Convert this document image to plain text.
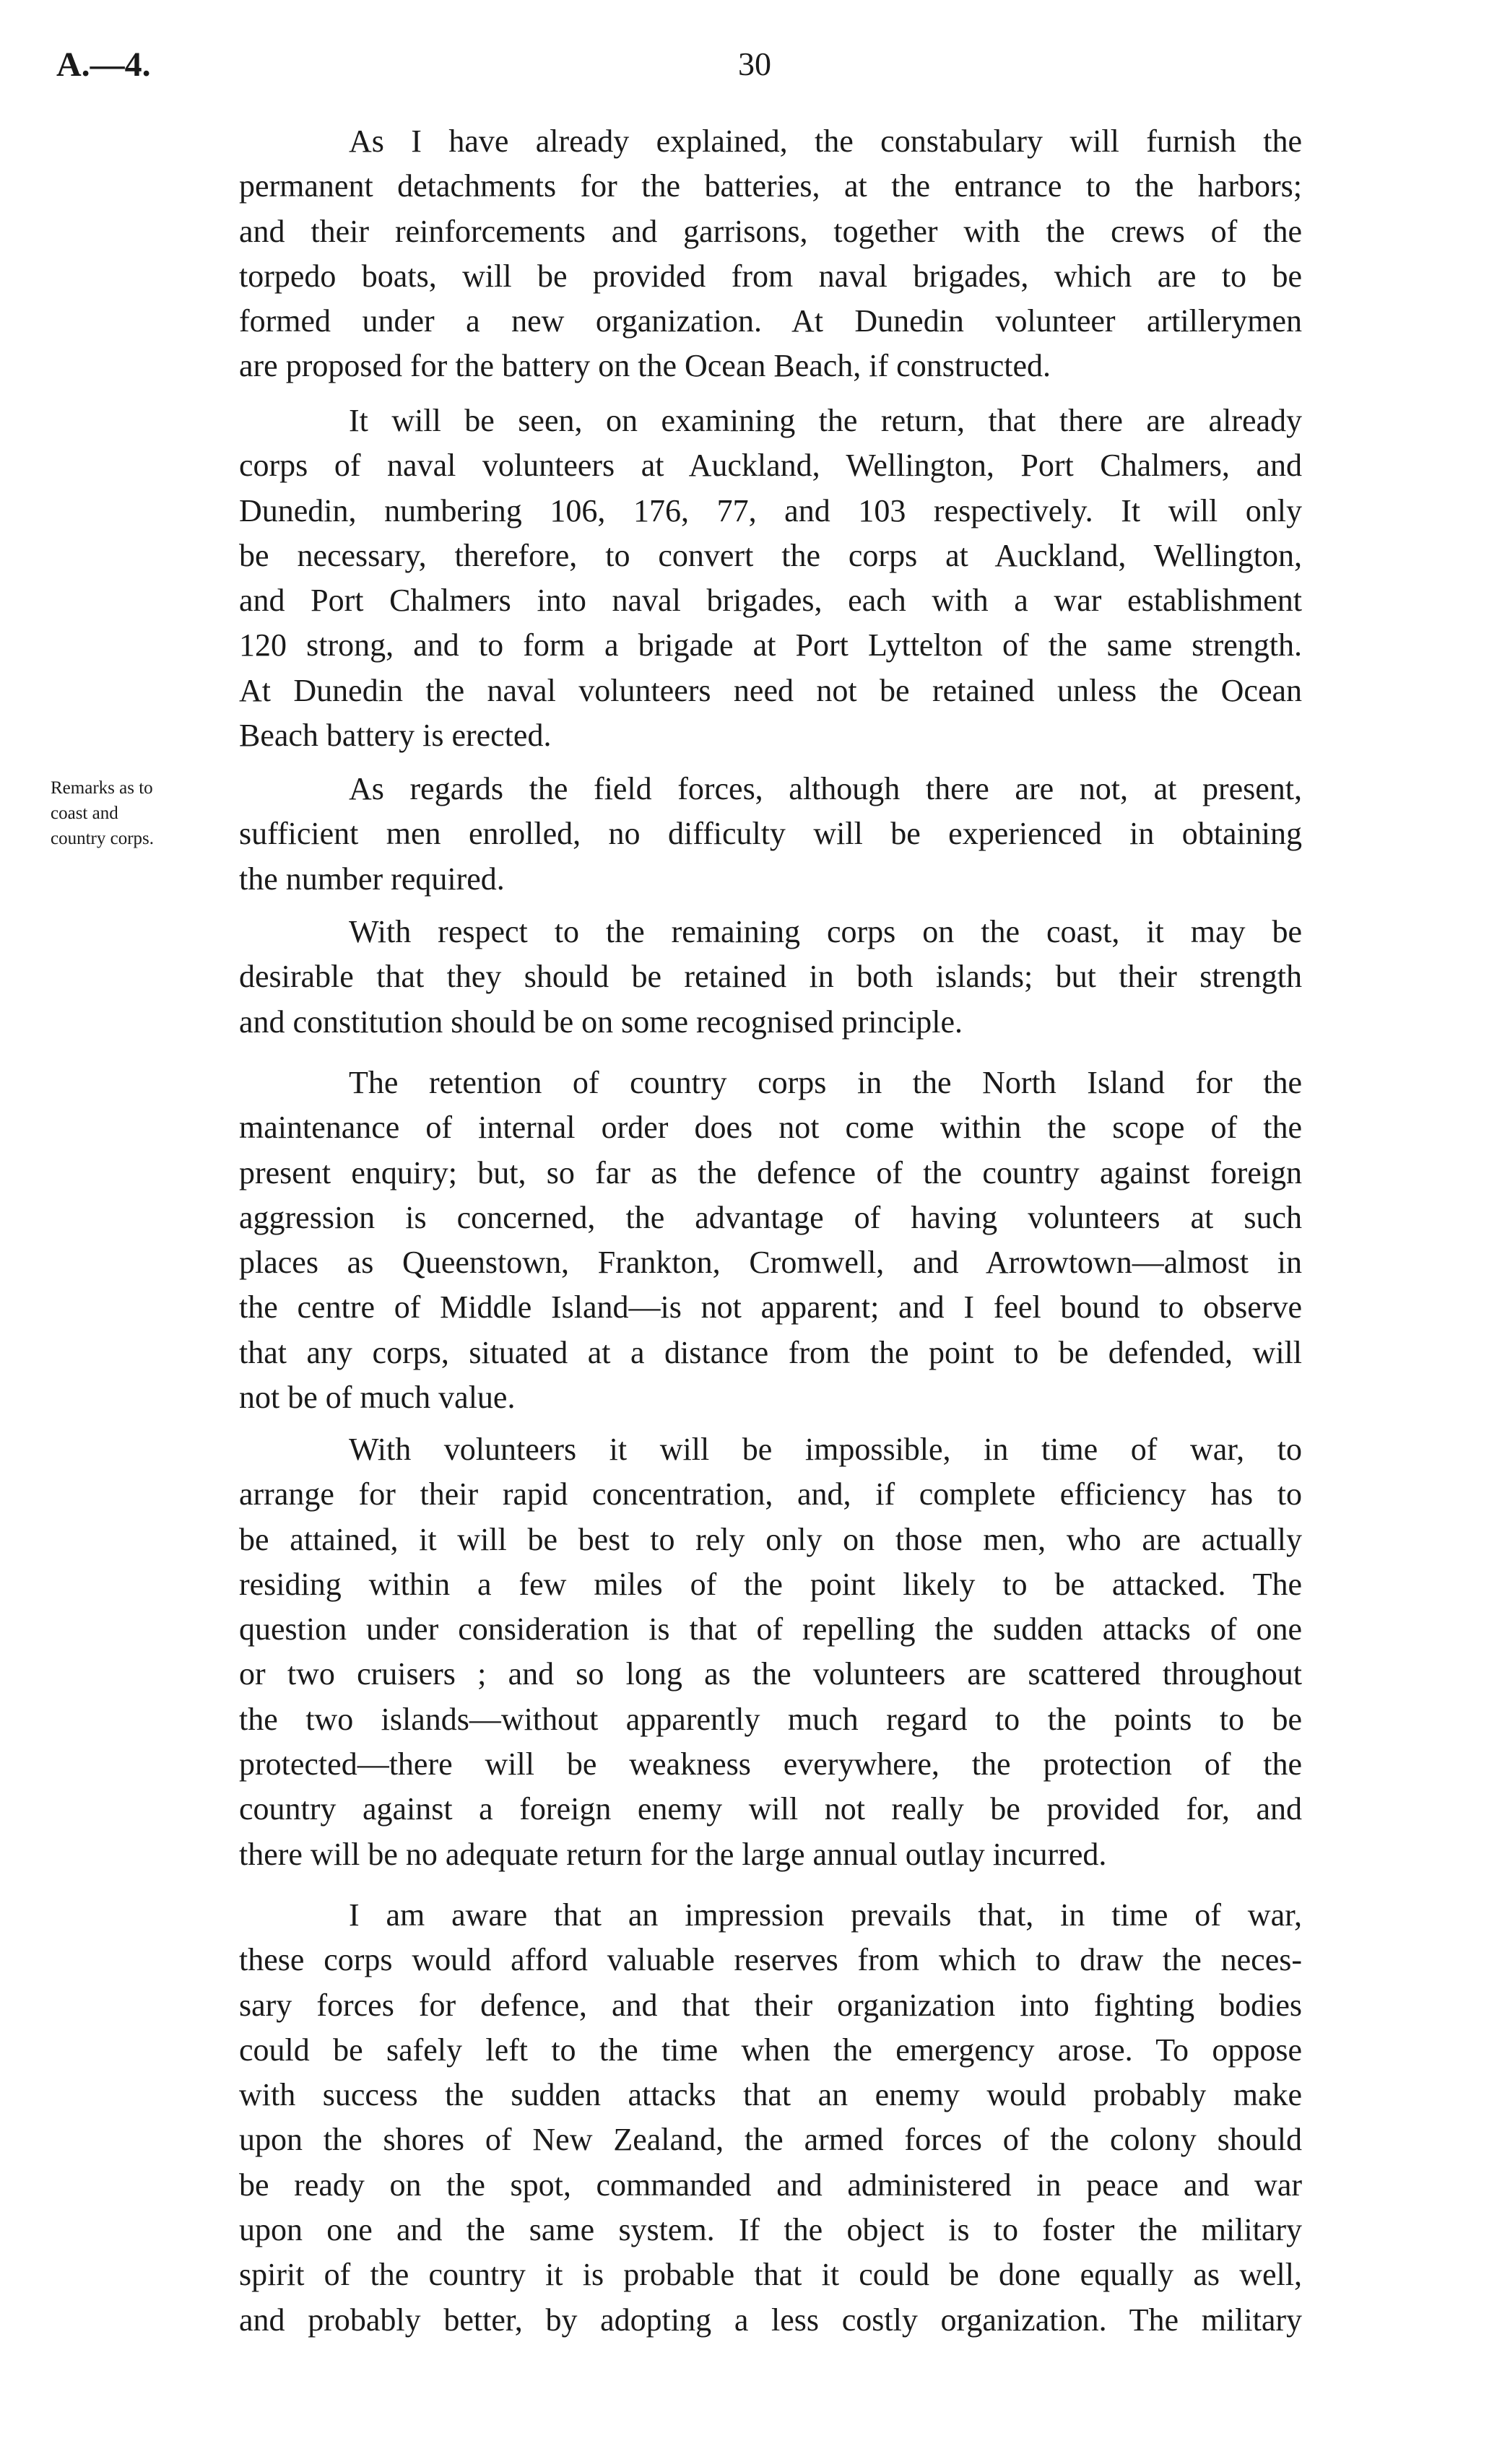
A.—4.	30
Remarks as to
coast and
country corps.
As I have already explained, the constabulary will furnish the
permanent detachments for the batteries, at the entrance to the harbors;
and their reinforcements and garrisons, together with the crews of the
torpedo boats, will be provided from naval brigades, which are to be
formed under a new organization. At Dunedin volunteer artillerymen
are proposed for the battery on the Ocean Beach, if constructed.
It will be seen, on examining the return, that there are already
corps of naval volunteers at Auckland, Wellington, Port Chalmers, and
Dunedin, numbering 106, 176, 77, and 103 respectively. It will only
be necessary, therefore, to convert the corps at Auckland, Wellington,
and Port Chalmers into naval brigades, each with a war establishment
120 strong, and to form a brigade at Port Lyttelton of the same strength.
At Dunedin the naval volunteers need not be retained unless the Ocean
Beach battery is erected.
As regards the field forces, although there are not, at present,
sufficient men enrolled, no difficulty will be experienced in obtaining
the number required.
With respect to the remaining corps on the coast, it may be
desirable that they should be retained in both islands; but their strength
and constitution should be on some recognised principle.
The retention of country corps in the North Island for the
maintenance of internal order does not come within the scope of the
present enquiry; but, so far as the defence of the country against foreign
aggression is concerned, the advantage of having volunteers at such
places as Queenstown, Frankton, Cromwell, and Arrowtown—almost in
the centre of Middle Island—is not apparent; and I feel bound to observe
that any corps, situated at a distance from the point to be defended, will
not be of much value.
With volunteers it will be impossible, in time of war, to
arrange for their rapid concentration, and, if complete efficiency has to
be attained, it will be best to rely only on those men, who are actually
residing within a few miles of the point likely to be attacked. The
question under consideration is that of repelling the sudden attacks of one
or two cruisers ; and so long as the volunteers are scattered throughout
the two islands—without apparently much regard to the points to be
protected—there will be weakness everywhere, the protection of the
country against a foreign enemy will not really be provided for, and
there will be no adequate return for the large annual outlay incurred.
I am aware that an impression prevails that, in time of war,
these corps would afford valuable reserves from which to draw the neces-
sary forces for defence, and that their organization into fighting bodies
could be safely left to the time when the emergency arose. To oppose
with success the sudden attacks that an enemy would probably make
upon the shores of New Zealand, the armed forces of the colony should
be ready on the spot, commanded and administered in peace and war
upon one and the same system. If the object is to foster the military
spirit of the country it is probable that it could be done equally as well,
and probably better, by adopting a less costly organization. The military
